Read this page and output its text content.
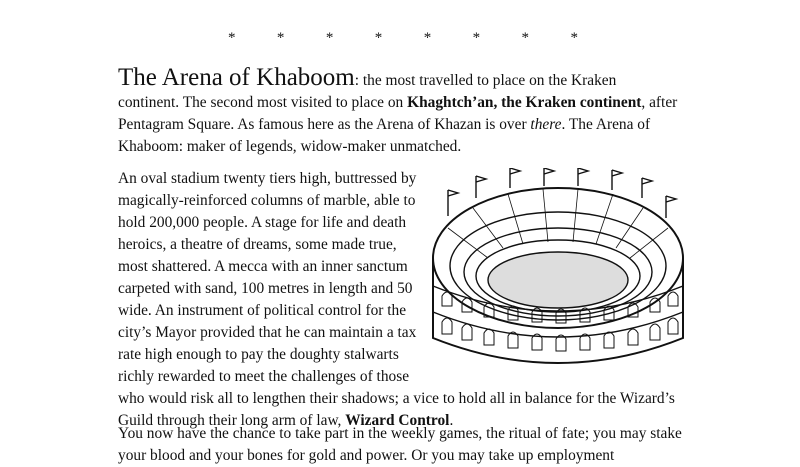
*	*	*	*	*	*	*	*

The Arena of Khaboom: the most travelled to place on the Kraken continent. The second most visited to place on Khaghtch’an, the Kraken continent, after Pentagram Square. As famous here as the Arena of Khazan is over there. The Arena of Khaboom: maker of legends, widow-maker unmatched.

An oval stadium twenty tiers high, buttressed by magically-reinforced columns of marble, able to hold 200,000 people. A stage for life and death heroics, a theatre of dreams, some made true, most shattered. A mecca with an inner sanctum carpeted with sand, 100 metres in length and 50 wide. An instrument of political control for the city’s Mayor provided that he can maintain a tax rate high enough to pay the doughty stalwarts richly rewarded to meet the challenges of those who would risk all to lengthen their shadows; a vice to hold all in balance for the Wizard’s Guild through their long arm of law, Wizard Control.

You now have the chance to take part in the weekly games, the ritual of fate; you may stake your blood and your bones for gold and power. Or you may take up employment
